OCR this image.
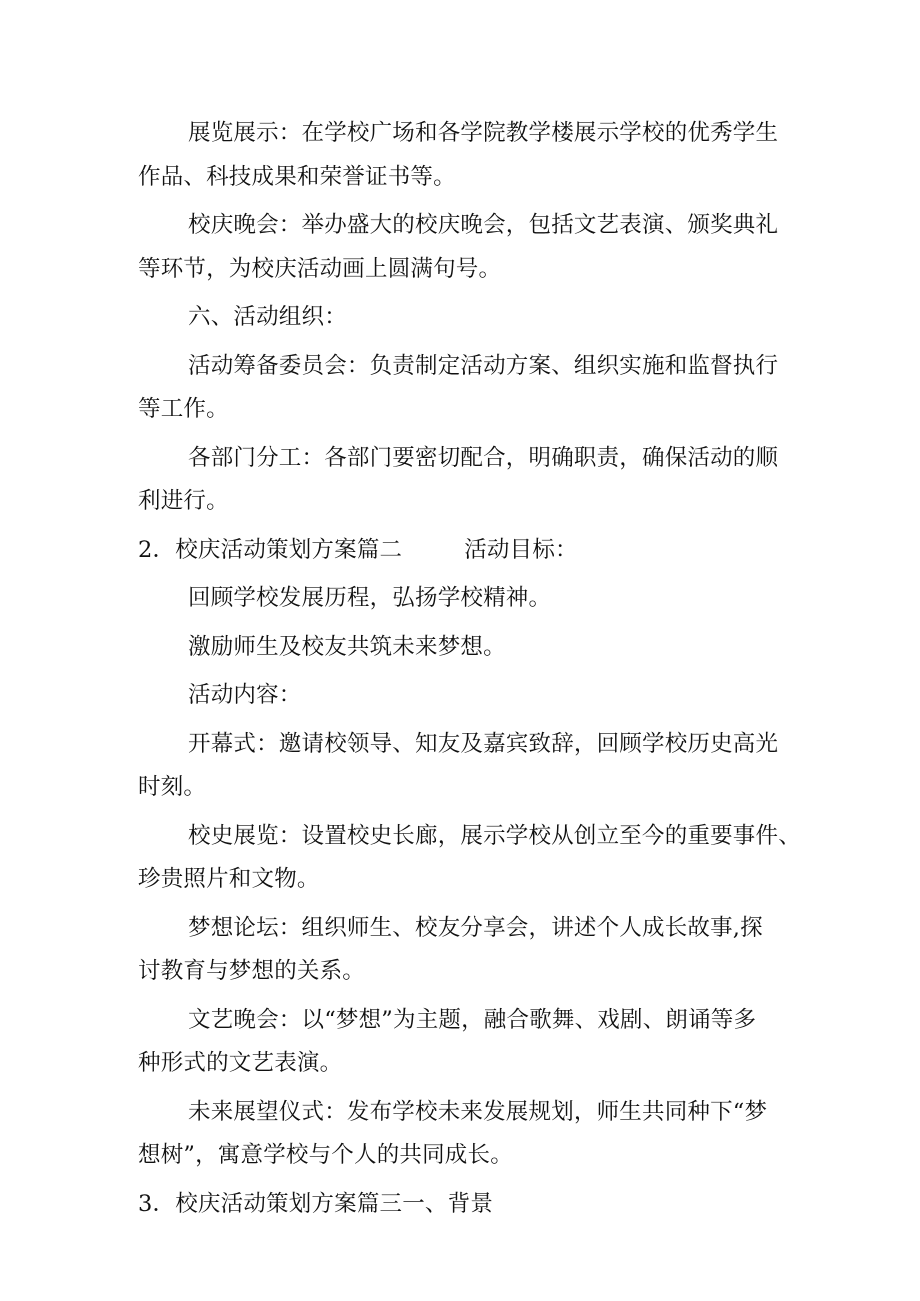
展览展示：在学校广场和各学院教学楼展示学校的优秀学生
作品、科技成果和荣誉证书等。
校庆晚会：举办盛大的校庆晚会，包括文艺表演、颁奖典礼
等环节，为校庆活动画上圆满句号。
六、活动组织：
活动筹备委员会：负责制定活动方案、组织实施和监督执行
等工作。
各部门分工：各部门要密切配合，明确职责，确保活动的顺
利进行。
2．校庆活动策划方案篇二	活动目标：
回顾学校发展历程，弘扬学校精神。
激励师生及校友共筑未来梦想。
活动内容：
开幕式：邀请校领导、知友及嘉宾致辞，回顾学校历史高光
时刻。
校史展览：设置校史长廊，展示学校从创立至今的重要事件、
珍贵照片和文物。
梦想论坛：组织师生、校友分享会，讲述个人成长故事,探
讨教育与梦想的关系。
文艺晚会：以“梦想”为主题，融合歌舞、戏剧、朗诵等多
种形式的文艺表演。
未来展望仪式：发布学校未来发展规划，师生共同种下“梦
想树”，寓意学校与个人的共同成长。
3．校庆活动策划方案篇三一、背景
